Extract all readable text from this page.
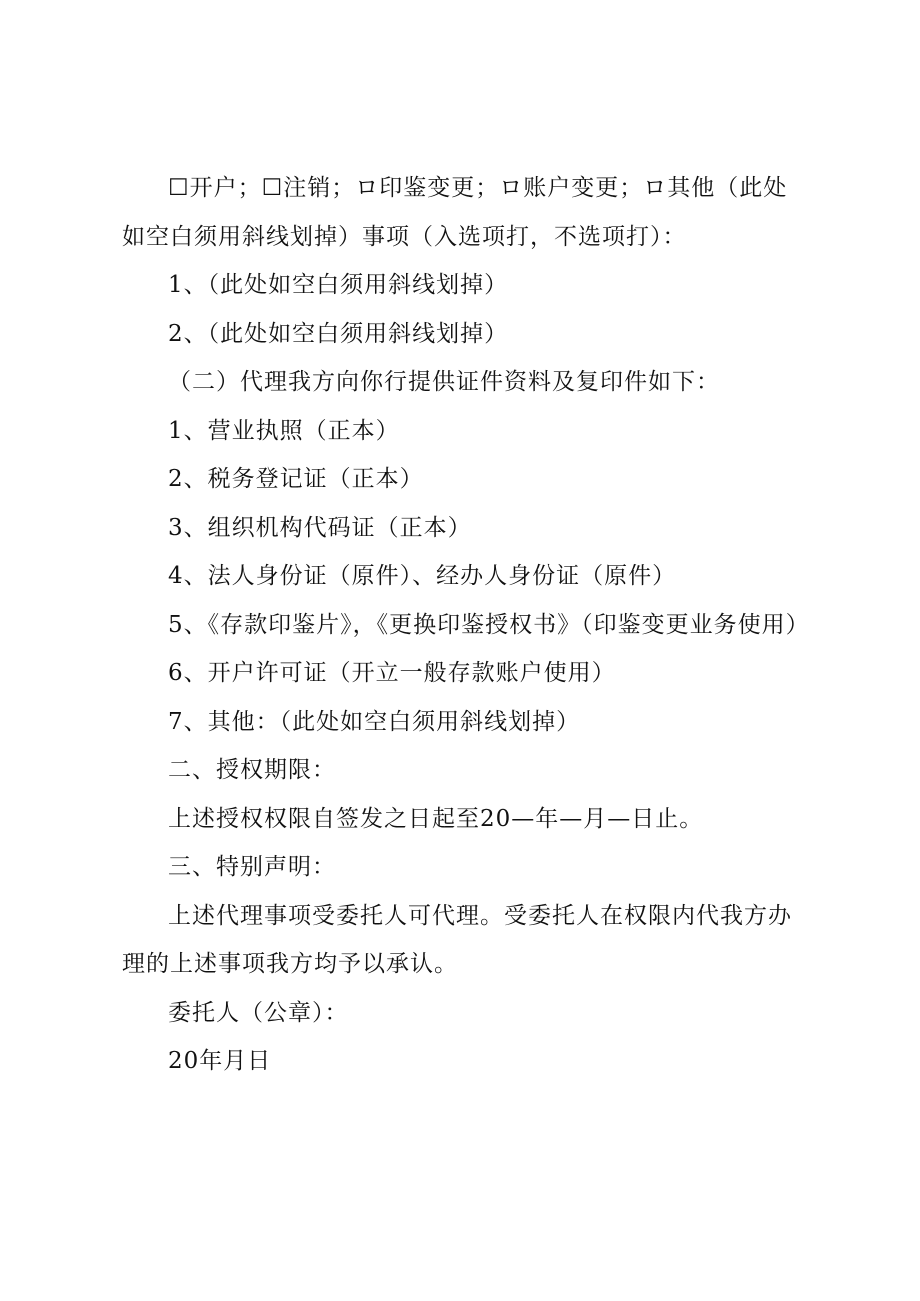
☐开户；☐注销；ロ印鉴变更；ロ账户变更；ロ其他（此处如空白须用斜线划掉）事项（入选项打，不选项打）：

1、（此处如空白须用斜线划掉）

2、（此处如空白须用斜线划掉）

（二）代理我方向你行提供证件资料及复印件如下：

1、营业执照（正本）

2、税务登记证（正本）

3、组织机构代码证（正本）

4、法人身份证（原件）、经办人身份证（原件）

5、《存款印鉴片》，《更换印鉴授权书》（印鉴变更业务使用）

6、开户许可证（开立一般存款账户使用）

7、其他：（此处如空白须用斜线划掉）

二、授权期限：

上述授权权限自签发之日起至20—年—月—日止。

三、特别声明：

上述代理事项受委托人可代理。受委托人在权限内代我方办理的上述事项我方均予以承认。

委托人（公章）：

20年月日
